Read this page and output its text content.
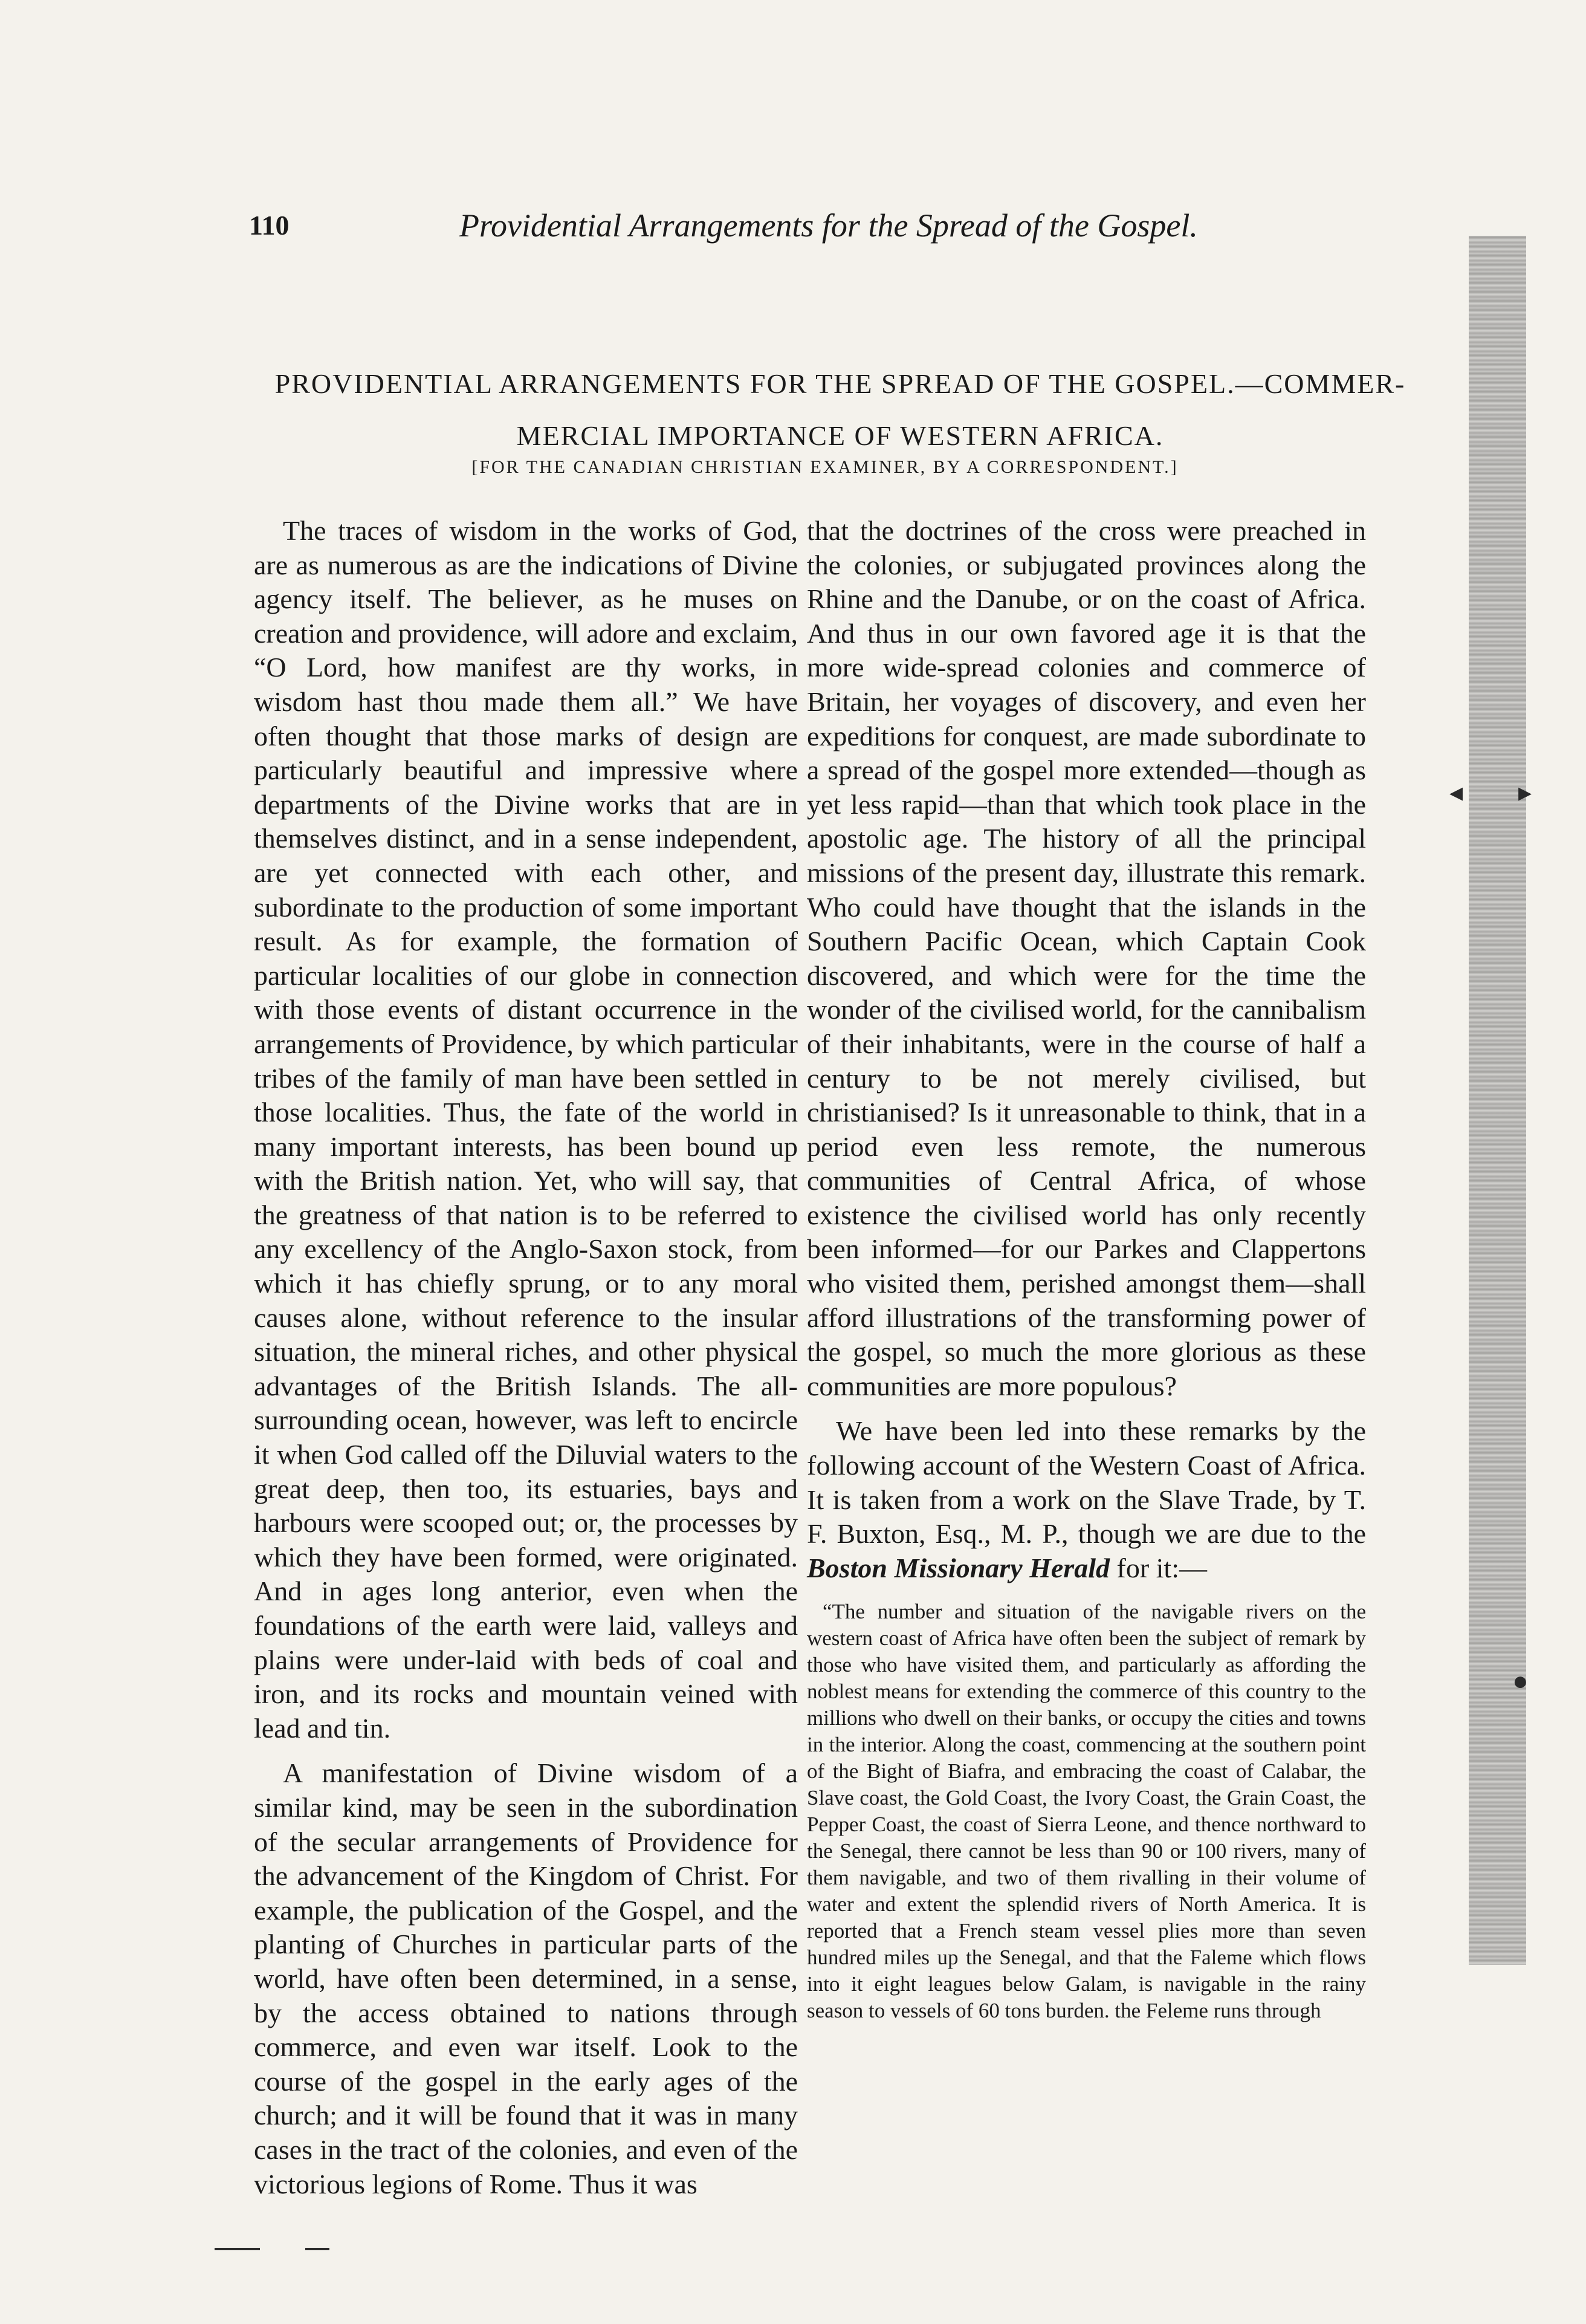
110	Providential Arrangements for the Spread of the Gospel.
PROVIDENTIAL ARRANGEMENTS FOR THE SPREAD OF THE GOSPEL.—COMMER-
MERCIAL IMPORTANCE OF WESTERN AFRICA.
[FOR THE CANADIAN CHRISTIAN EXAMINER, BY A CORRESPONDENT.]

The traces of wisdom in the works of God, are as numerous as are the indications of Divine agency itself. The believer, as he muses on creation and providence, will adore and exclaim, “O Lord, how manifest are thy works, in wisdom hast thou made them all.” We have often thought that those marks of design are particularly beautiful and impressive where departments of the Divine works that are in themselves distinct, and in a sense independent, are yet connected with each other, and subordinate to the production of some important result. As for example, the formation of particular localities of our globe in connection with those events of distant occurrence in the arrangements of Providence, by which particular tribes of the family of man have been settled in those localities. Thus, the fate of the world in many important interests, has been bound up with the British nation. Yet, who will say, that the greatness of that nation is to be referred to any excellency of the Anglo-Saxon stock, from which it has chiefly sprung, or to any moral causes alone, without reference to the insular situation, the mineral riches, and other physical advantages of the British Islands. The all-surrounding ocean, however, was left to encircle it when God called off the Diluvial waters to the great deep, then too, its estuaries, bays and harbours were scooped out; or, the processes by which they have been formed, were originated. And in ages long anterior, even when the foundations of the earth were laid, valleys and plains were under-laid with beds of coal and iron, and its rocks and mountain veined with lead and tin.

A manifestation of Divine wisdom of a similar kind, may be seen in the subordination of the secular arrangements of Providence for the advancement of the Kingdom of Christ. For example, the publication of the Gospel, and the planting of Churches in particular parts of the world, have often been determined, in a sense, by the access obtained to nations through commerce, and even war itself. Look to the course of the gospel in the early ages of the church; and it will be found that it was in many cases in the tract of the colonies, and even of the victorious legions of Rome. Thus it was

that the doctrines of the cross were preached in the colonies, or subjugated provinces along the Rhine and the Danube, or on the coast of Africa. And thus in our own favored age it is that the more wide-spread colonies and commerce of Britain, her voyages of discovery, and even her expeditions for conquest, are made subordinate to a spread of the gospel more extended—though as yet less rapid—than that which took place in the apostolic age. The history of all the principal missions of the present day, illustrate this remark. Who could have thought that the islands in the Southern Pacific Ocean, which Captain Cook discovered, and which were for the time the wonder of the civilised world, for the cannibalism of their inhabitants, were in the course of half a century to be not merely civilised, but christianised? Is it unreasonable to think, that in a period even less remote, the numerous communities of Central Africa, of whose existence the civilised world has only recently been informed—for our Parkes and Clappertons who visited them, perished amongst them—shall afford illustrations of the transforming power of the gospel, so much the more glorious as these communities are more populous?

We have been led into these remarks by the following account of the Western Coast of Africa. It is taken from a work on the Slave Trade, by T. F. Buxton, Esq., M. P., though we are due to the Boston Missionary Herald for it:—

“The number and situation of the navigable rivers on the western coast of Africa have often been the subject of remark by those who have visited them, and particularly as affording the noblest means for extending the commerce of this country to the millions who dwell on their banks, or occupy the cities and towns in the interior. Along the coast, commencing at the southern point of the Bight of Biafra, and embracing the coast of Calabar, the Slave coast, the Gold Coast, the Ivory Coast, the Grain Coast, the Pepper Coast, the coast of Sierra Leone, and thence northward to the Senegal, there cannot be less than 90 or 100 rivers, many of them navigable, and two of them rivalling in their volume of water and extent the splendid rivers of North America. It is reported that a French steam vessel plies more than seven hundred miles up the Senegal, and that the Faleme which flows into it eight leagues below Galam, is navigable in the rainy season to vessels of 60 tons burden. the Feleme runs through

◂ ▸
●
